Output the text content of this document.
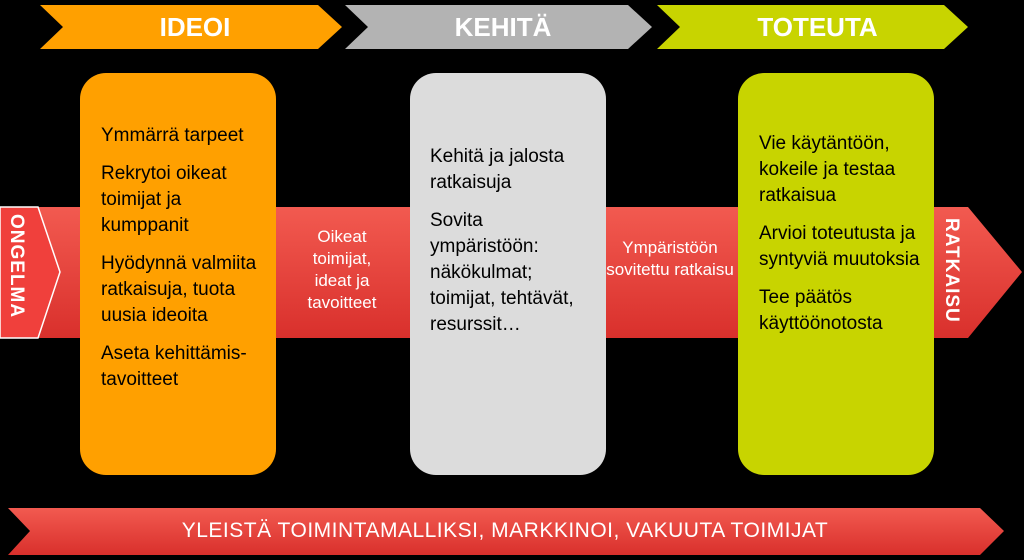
IDEOI	KEHITÄ	TOTEUTA
ONGELMA	RATKAISU

Ymmärrä tarpeet

Rekrytoi oikeat toimijat ja kumppanit

Hyödynnä valmiita ratkaisuja, tuota uusia ideoita

Aseta kehittämis-tavoitteet

Oikeat toimijat, ideat ja tavoitteet

Kehitä ja jalosta ratkaisuja

Sovita ympäristöön: näkökulmat; toimijat, tehtävät, resurssit…

Ympäristöön sovitettu ratkaisu

Vie käytäntöön, kokeile ja testaa ratkaisua

Arvioi toteutusta ja syntyviä muutoksia

Tee päätös käyttöönotosta

YLEISTÄ TOIMINTAMALLIKSI, MARKKINOI, VAKUUTA TOIMIJAT
